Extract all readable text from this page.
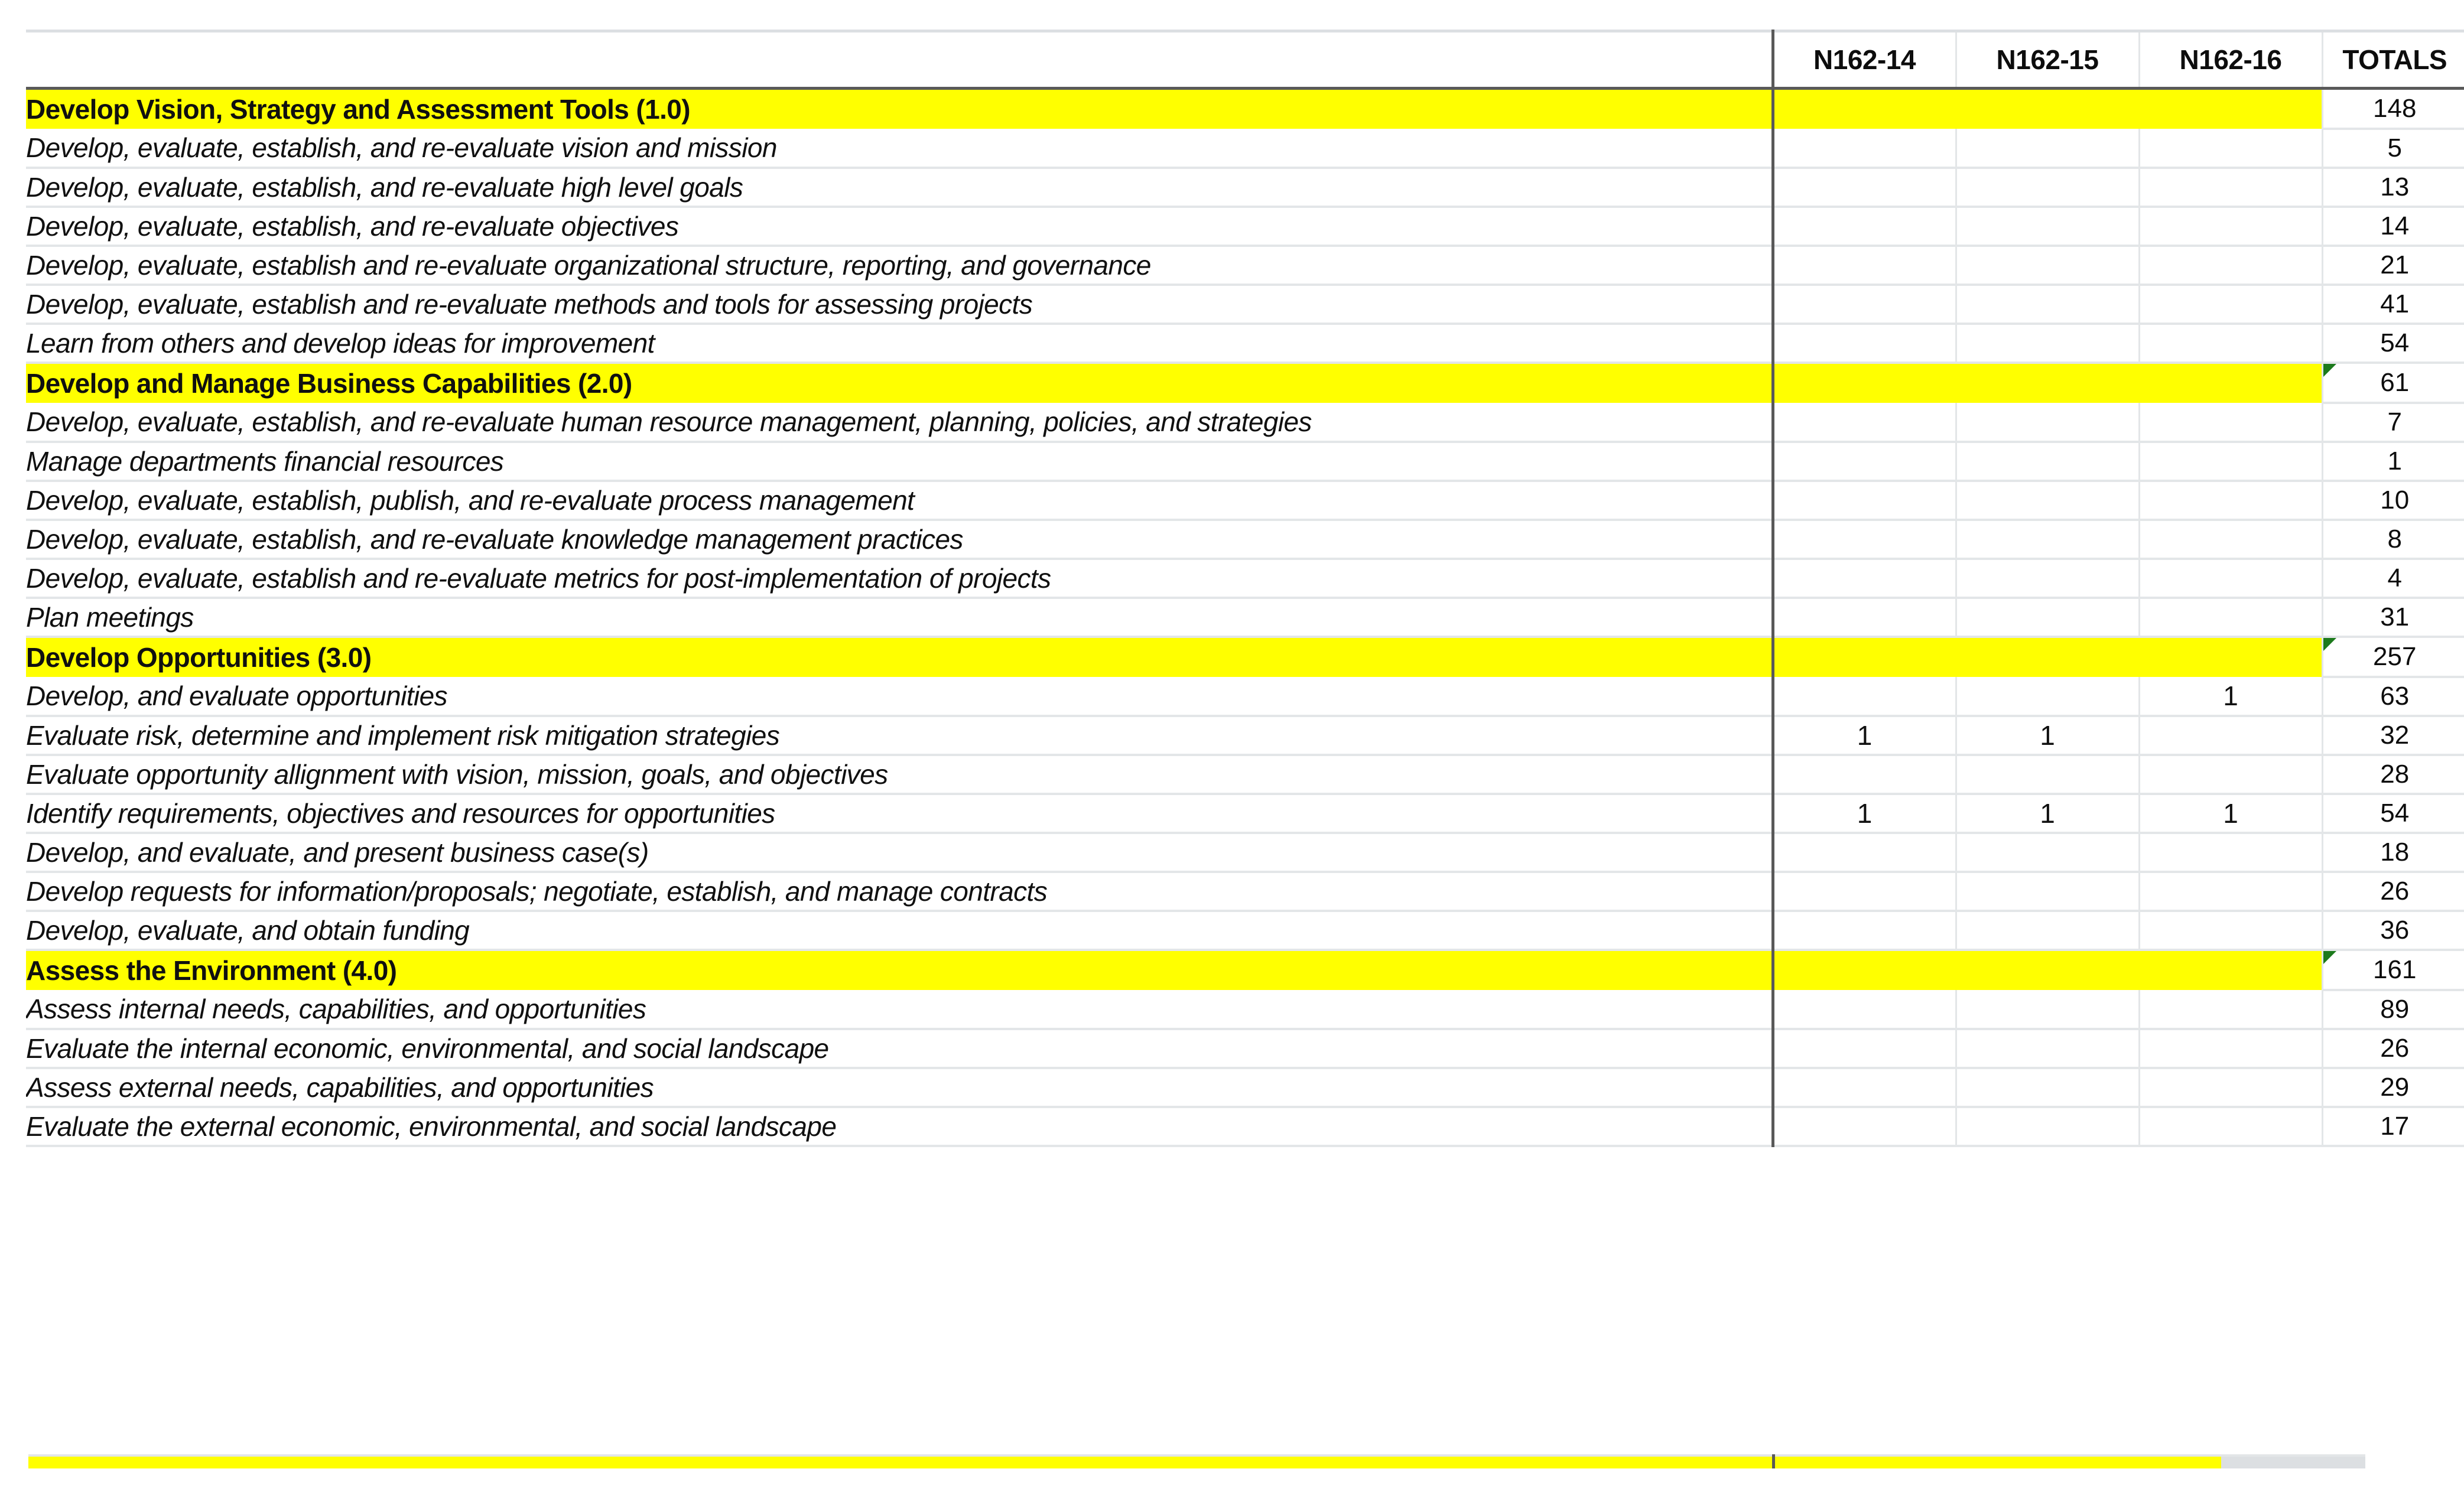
	N162-14	N162-15	N162-16	TOTALS
Develop Vision, Strategy and Assessment Tools (1.0)				148
Develop, evaluate, establish, and re-evaluate vision and mission				5
Develop, evaluate, establish, and re-evaluate high level goals				13
Develop, evaluate, establish, and re-evaluate objectives				14
Develop, evaluate, establish and re-evaluate organizational structure, reporting, and governance				21
Develop, evaluate, establish and re-evaluate methods and tools for assessing projects				41
Learn from others and develop ideas for improvement				54
Develop and Manage Business Capabilities (2.0)				61
Develop, evaluate, establish, and re-evaluate human resource management, planning, policies, and strategies				7
Manage departments financial resources				1
Develop, evaluate, establish, publish, and re-evaluate process management				10
Develop, evaluate, establish, and re-evaluate knowledge management practices				8
Develop, evaluate, establish and re-evaluate metrics for post-implementation of projects				4
Plan meetings				31
Develop Opportunities (3.0)				257
Develop, and evaluate opportunities			1	63
Evaluate risk, determine and implement risk mitigation strategies	1	1		32
Evaluate opportunity allignment with vision, mission, goals, and objectives				28
Identify requirements, objectives and resources for opportunities	1	1	1	54
Develop, and evaluate, and present business case(s)				18
Develop requests for information/proposals; negotiate, establish, and manage contracts				26
Develop, evaluate, and obtain funding				36
Assess the Environment (4.0)				161
Assess internal needs, capabilities, and opportunities				89
Evaluate the internal economic, environmental, and social landscape				26
Assess external needs, capabilities, and opportunities				29
Evaluate the external economic, environmental, and social landscape				17
